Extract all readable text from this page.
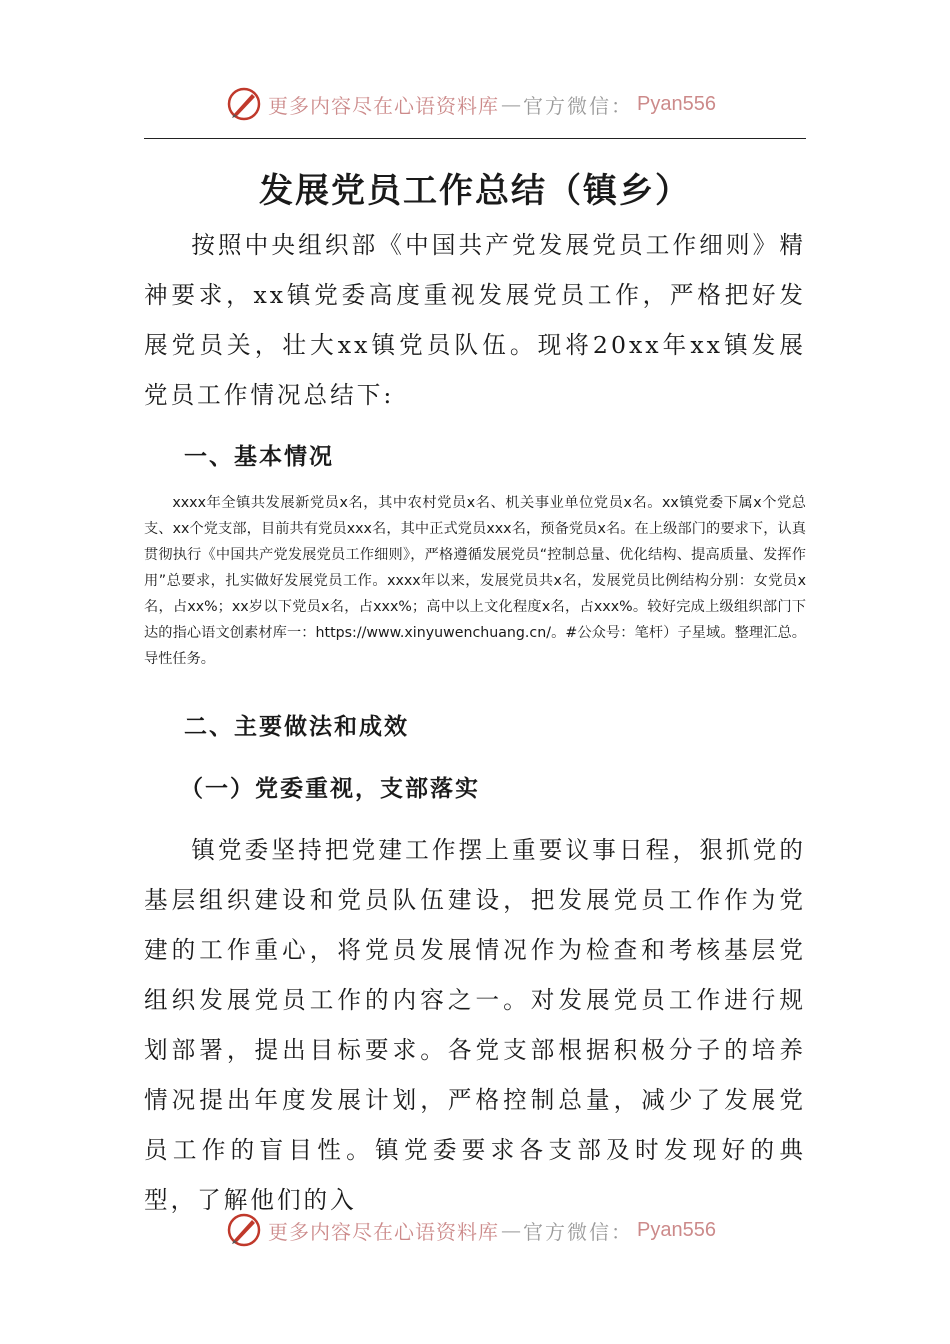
更多内容尽在心语资料库 — 官方微信： Pyan556
发展党员工作总结（镇乡）

按照中央组织部《中国共产党发展党员工作细则》精神要求，xx镇党委高度重视发展党员工作，严格把好发展党员关，壮大xx镇党员队伍。现将20xx年xx镇发展党员工作情况总结下:

一、基本情况

xxxx年全镇共发展新党员x名，其中农村党员x名、机关事业单位党员x名。xx镇党委下属x个党总支、xx个党支部，目前共有党员xxx名，其中正式党员xxx名，预备党员x名。在上级部门的要求下，认真贯彻执行《中国共产党发展党员工作细则》，严格遵循发展党员“控制总量、优化结构、提高质量、发挥作用”总要求，扎实做好发展党员工作。xxxx年以来，发展党员共x名，发展党员比例结构分别：女党员x名，占xx%；xx岁以下党员x名，占xxx%；高中以上文化程度x名，占xxx%。较好完成上级组织部门下达的指心语文创素材库一：https://www.xinyuwenchuang.cn/。#公众号：笔杆）子星域。整理汇总。导性任务。

二、主要做法和成效
（一）党委重视，支部落实

镇党委坚持把党建工作摆上重要议事日程，狠抓党的基层组织建设和党员队伍建设，把发展党员工作作为党建的工作重心，将党员发展情况作为检查和考核基层党组织发展党员工作的内容之一。对发展党员工作进行规划部署，提出目标要求。各党支部根据积极分子的培养情况提出年度发展计划，严格控制总量，减少了发展党员工作的盲目性。镇党委要求各支部及时发现好的典型，了解他们的入

更多内容尽在心语资料库 — 官方微信： Pyan556
